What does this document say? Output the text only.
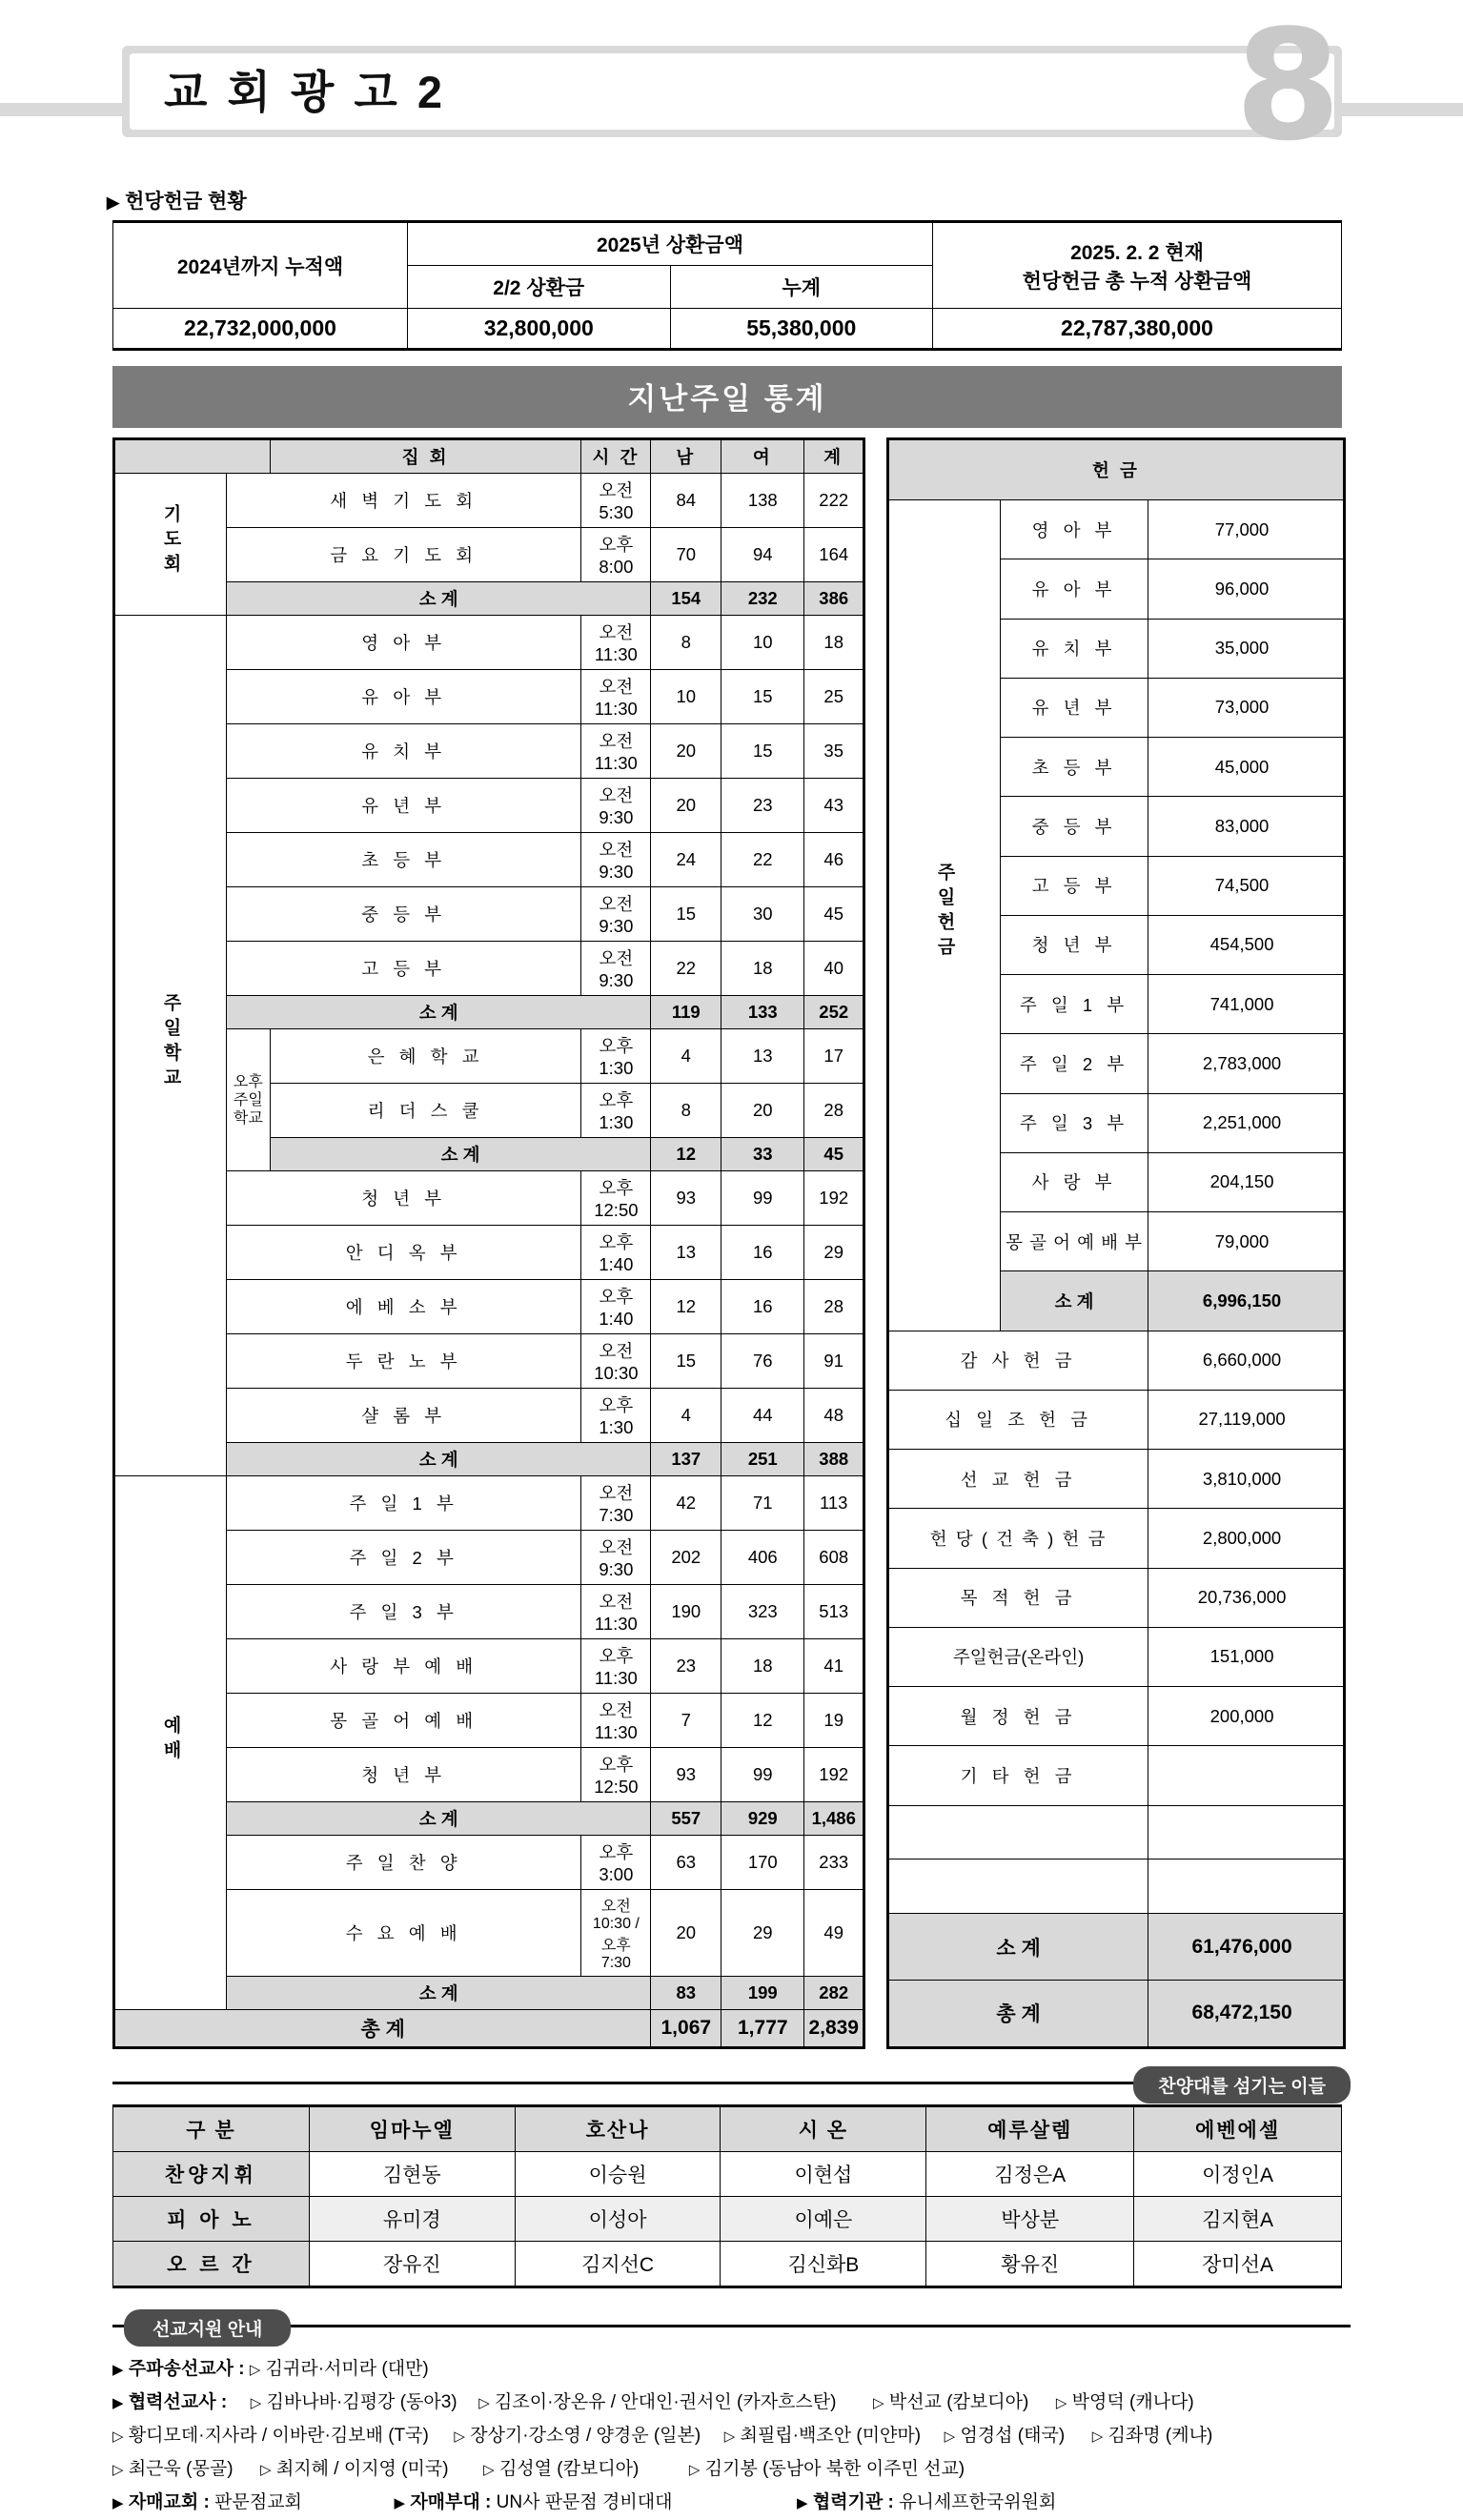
교 회 광 고 2	8
▶ 헌당헌금 현황
2024년까지 누적액	2025년 상환금액		2025. 2. 2 현재
헌당헌금 총 누적 상환금액

	2/2 상환금	누계	
22,732,000,000	32,800,000	55,380,000	22,787,380,000
지난주일 통계
		집 회	시 간	남	여	계
기도회	새 벽 기 도 회		오전 5:30	84	138	222
	금 요 기 도 회		오후 8:00	70	94	164
	소 계			154	232	386
주일학교	영 아 부		오전 11:30	8	10	18
	유 아 부		오전 11:30	10	15	25
	유 치 부		오전 11:30	20	15	35
	유 년 부		오전 9:30	20	23	43
	초 등 부		오전 9:30	24	22	46
	중 등 부		오전 9:30	15	30	45
	고 등 부		오전 9:30	22	18	40
	소 계			119	133	252
	오후
주일
학교	은 혜 학 교	오후 1:30	4	13	17
		리 더 스 쿨	오후 1:30	8	20	28
		소 계		12	33	45
	청 년 부		오후 12:50	93	99	192
	안 디 옥 부		오후 1:40	13	16	29
	에 베 소 부		오후 1:40	12	16	28
	두 란 노 부		오전 10:30	15	76	91
	샬 롬 부		오후 1:30	4	44	48
	소 계			137	251	388
예배	주 일 1 부		오전 7:30	42	71	113
	주 일 2 부		오전 9:30	202	406	608
	주 일 3 부		오전 11:30	190	323	513
	사 랑 부 예 배		오후 11:30	23	18	41
	몽 골 어 예 배		오전 11:30	7	12	19
	청 년 부		오후 12:50	93	99	192
	소 계			557	929	1,486
	주 일 찬 양		오후 3:00	63	170	233
	수 요 예 배		오전10:30 / 오후 7:30	20	29	49
	소 계			83	199	282
총 계				1,067	1,777	2,839
헌 금		
주일헌금	영 아 부	77,000
	유 아 부	96,000
	유 치 부	35,000
	유 년 부	73,000
	초 등 부	45,000
	중 등 부	83,000
	고 등 부	74,500
	청 년 부	454,500
	주 일 1 부	741,000
	주 일 2 부	2,783,000
	주 일 3 부	2,251,000
	사 랑 부	204,150
	몽 골 어 예 배 부	79,000
	소 계	6,996,150
감 사 헌 금		6,660,000
십 일 조 헌 금		27,119,000
선 교 헌 금		3,810,000
헌 당 ( 건 축 ) 헌 금		2,800,000
목 적 헌 금		20,736,000
주일헌금(온라인)		151,000
월 정 헌 금		200,000
기 타 헌 금		

소 계		61,476,000
총 계		68,472,150
찬양대를 섬기는 이들
구 분	임마누엘	호산나	시 온	예루살렘	에벤에셀
찬양지휘	김현동	이승원	이현섭	김정은A	이정인A
피 아 노	유미경	이성아	이예은	박상분	김지현A
오 르 간	장유진	김지선C	김신화B	황유진	장미선A
선교지원 안내
▶ 주파송선교사 : ▷ 김귀라·서미라 (대만)
▶ 협력선교사 : ▷ 김바나바·김평강 (동아3) ▷ 김조이·장온유 / 안대인·권서인 (카자흐스탄)	▷ 박선교 (캄보디아) ▷ 박영덕 (캐나다)
▷ 황디모데·지사라 / 이바란·김보배 (T국) ▷ 장상기·강소영 / 양경운 (일본) ▷ 최필립·백조안 (미얀마) ▷ 엄경섭 (태국) ▷ 김좌명 (케냐)
▷ 최근욱 (몽골) ▷ 최지혜 / 이지영 (미국) ▷ 김성열 (캄보디아)	▷ 김기봉 (동남아 북한 이주민 선교)
▶ 자매교회 : 판문점교회	▶ 자매부대 : UN사 판문점 경비대대	▶ 협력기관 : 유니세프한국위원회
